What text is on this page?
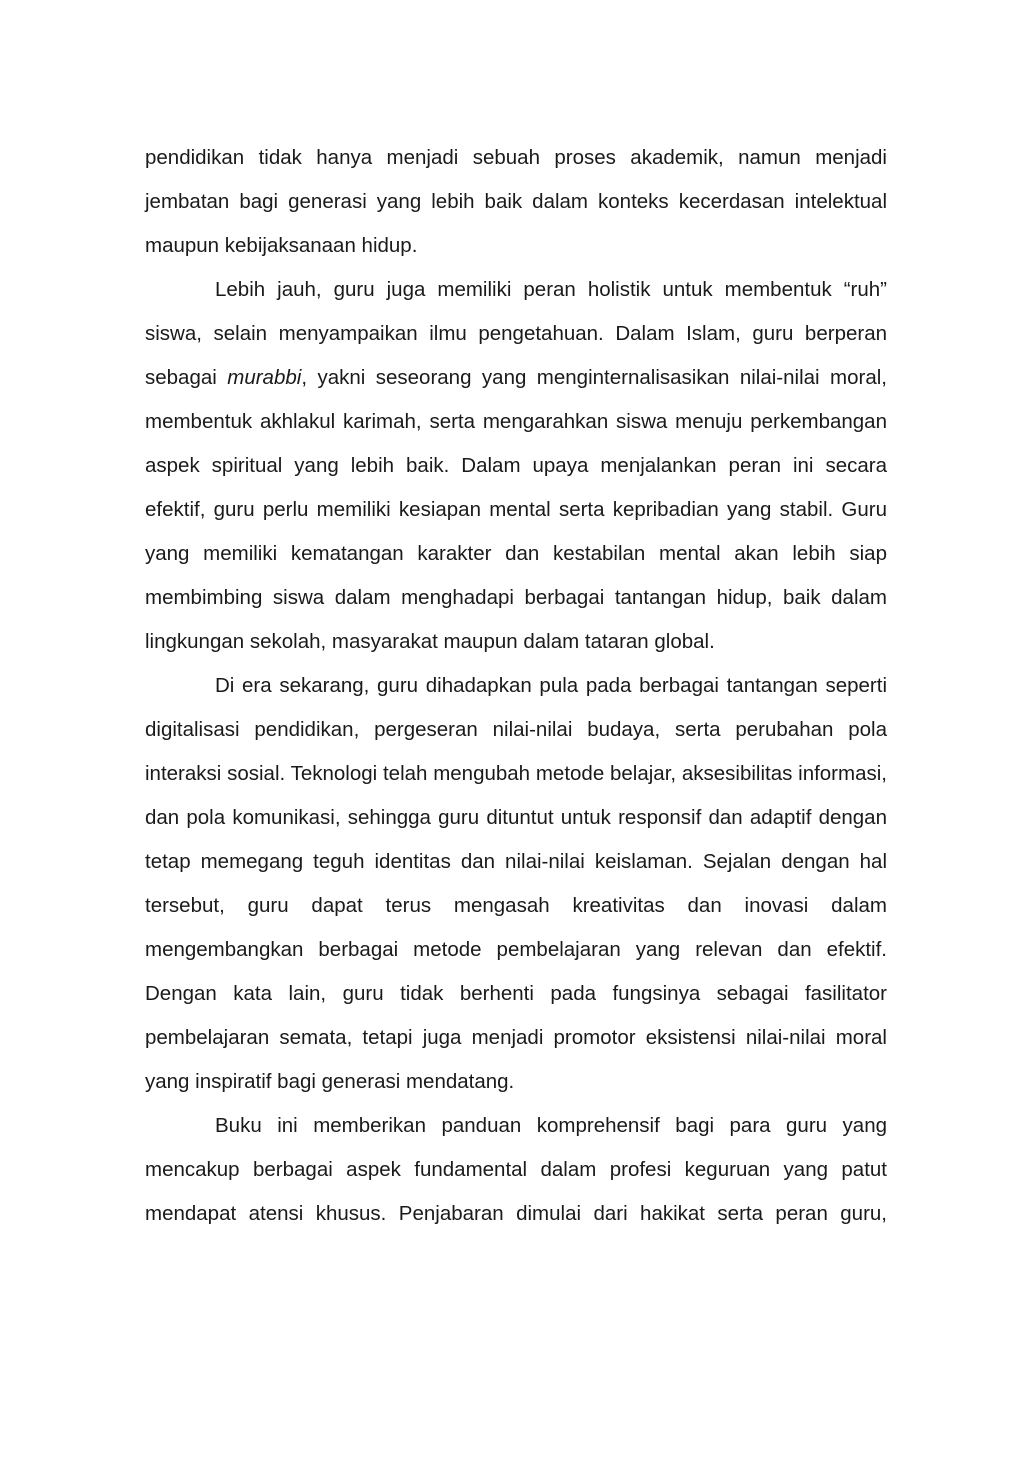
pendidikan tidak hanya menjadi sebuah proses akademik, namun menjadi jembatan bagi generasi yang lebih baik dalam konteks kecerdasan intelektual maupun kebijaksanaan hidup.

Lebih jauh, guru juga memiliki peran holistik untuk membentuk “ruh” siswa, selain menyampaikan ilmu pengetahuan. Dalam Islam, guru berperan sebagai murabbi, yakni seseorang yang menginternalisasikan nilai-nilai moral, membentuk akhlakul karimah, serta mengarahkan siswa menuju perkembangan aspek spiritual yang lebih baik. Dalam upaya menjalankan peran ini secara efektif, guru perlu memiliki kesiapan mental serta kepribadian yang stabil. Guru yang memiliki kematangan karakter dan kestabilan mental akan lebih siap membimbing siswa dalam menghadapi berbagai tantangan hidup, baik dalam lingkungan sekolah, masyarakat maupun dalam tataran global.

Di era sekarang, guru dihadapkan pula pada berbagai tantangan seperti digitalisasi pendidikan, pergeseran nilai-nilai budaya, serta perubahan pola interaksi sosial. Teknologi telah mengubah metode belajar, aksesibilitas informasi, dan pola komunikasi, sehingga guru dituntut untuk responsif dan adaptif dengan tetap memegang teguh identitas dan nilai-nilai keislaman. Sejalan dengan hal tersebut, guru dapat terus mengasah kreativitas dan inovasi dalam mengembangkan berbagai metode pembelajaran yang relevan dan efektif. Dengan kata lain, guru tidak berhenti pada fungsinya sebagai fasilitator pembelajaran semata, tetapi juga menjadi promotor eksistensi nilai-nilai moral yang inspiratif bagi generasi mendatang.

Buku ini memberikan panduan komprehensif bagi para guru yang mencakup berbagai aspek fundamental dalam profesi keguruan yang patut mendapat atensi khusus. Penjabaran dimulai dari hakikat serta peran guru,
